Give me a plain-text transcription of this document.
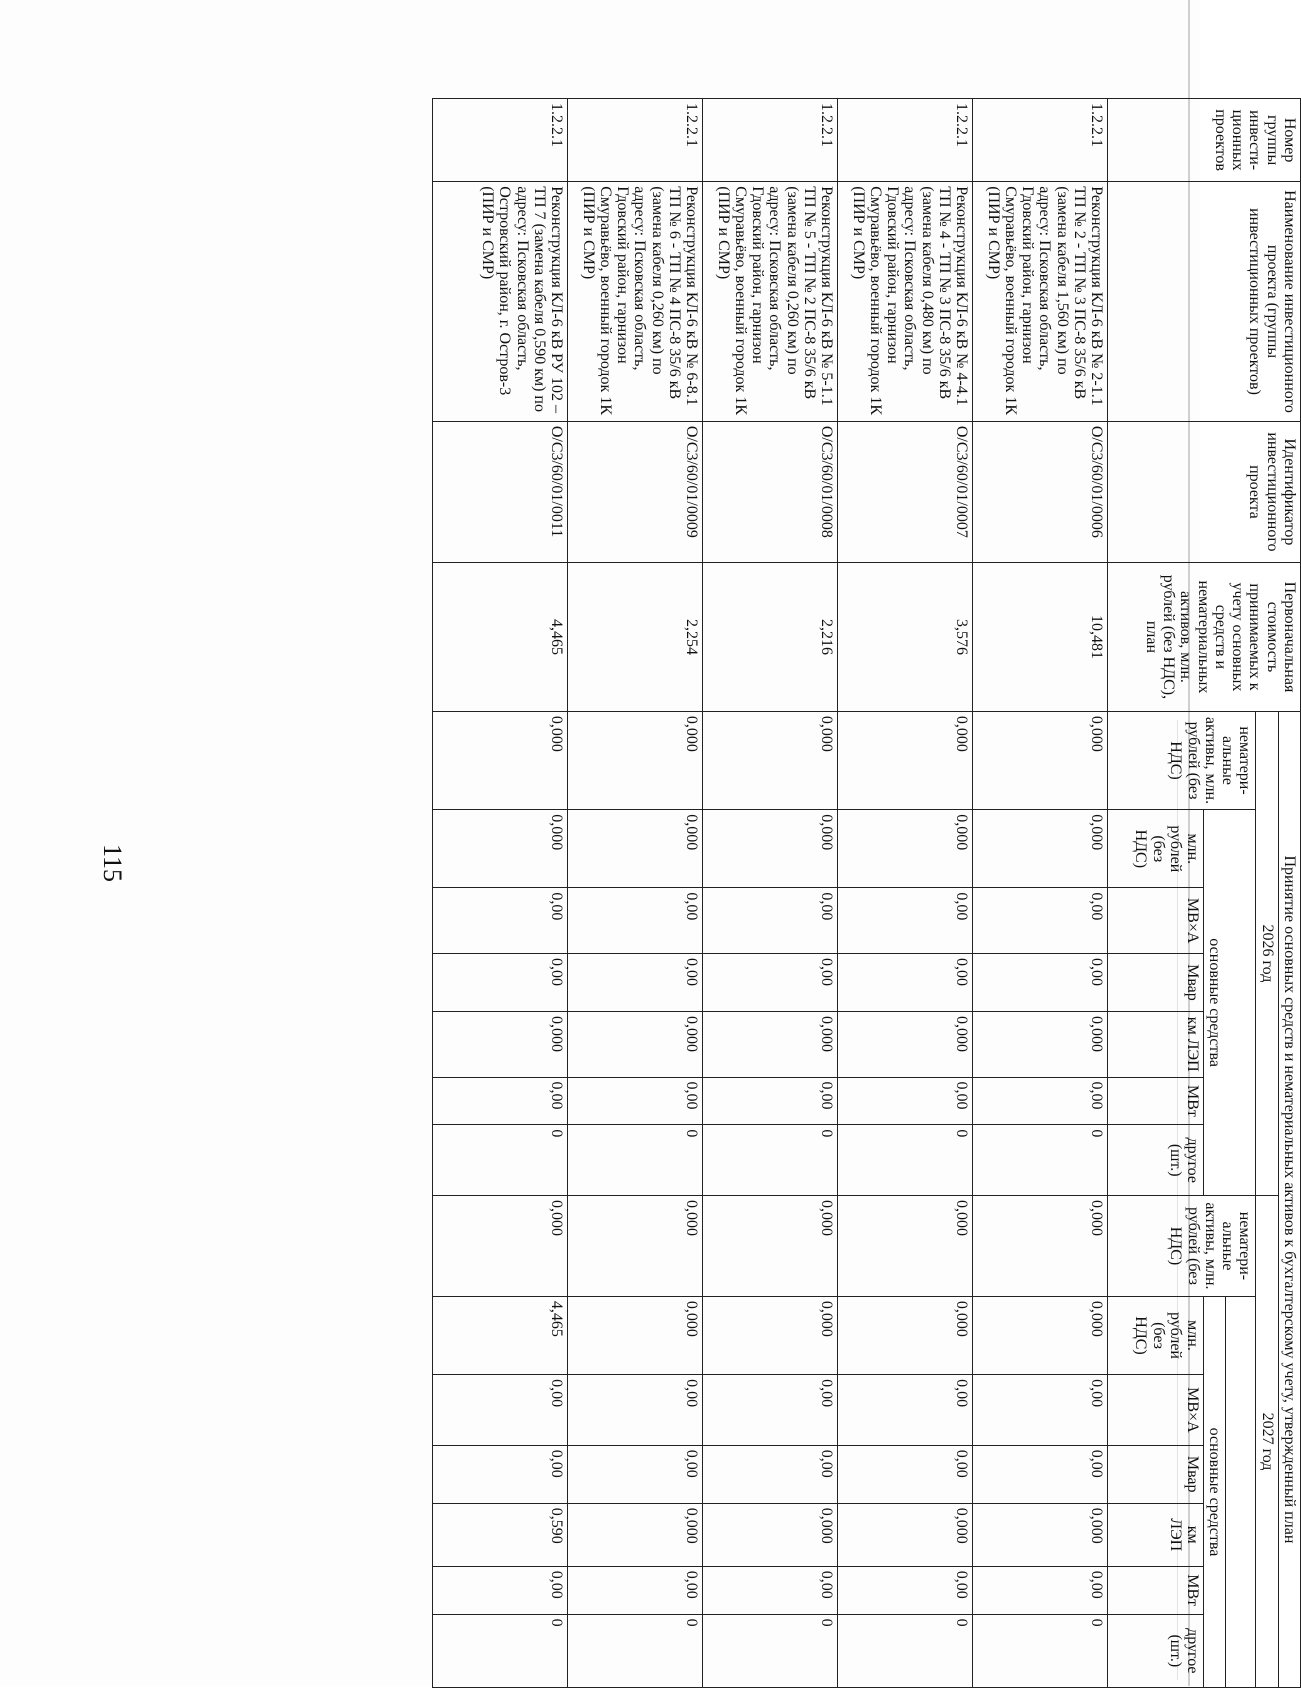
115
Номер группы инвести-ционных проектов	Наименование инвестиционного проекта (группы инвестиционных проектов)	Идентификатор инвестиционного проекта	Первоначальная стоимость принимаемых к учету основных средств и нематериальных активов, млн. рублей (без НДС), план	Принятие основных средств и нематериальных активов к бухгалтерскому учету, утвержденный план													
				2026 год							2027 год						
				нематери-альные активы, млн. рублей (без НДС)	основные средства						нематери-альные активы, млн. рублей (без НДС)						
												основные средства					
					млн. рублей (без НДС)	МВ×А	Мвар	км ЛЭП	МВт	другое (шт.)		млн. рублей (без НДС)	МВ×А	Мвар	км ЛЭП	МВт	другое (шт.)
1.2.2.1	Реконструкция КЛ-6 кВ № 2-1.1 ТП № 2 - ТП № 3 ПС-8 35/6 кВ (замена кабеля 1,560 км) по адресу: Псковская область, Гдовский район, гарнизон Смуравьёво, военный городок 1К (ПИР и СМР)	О/С3/60/01/0006	10,481	0,000	0,000	0,00	0,00	0,000	0,00	0	0,000	0,000	0,00	0,00	0,000	0,00	0
1.2.2.1	Реконструкция КЛ-6 кВ № 4-4.1 ТП № 4 - ТП № 3 ПС-8 35/6 кВ (замена кабеля 0,480 км) по адресу: Псковская область, Гдовский район, гарнизон Смуравьёво, военный городок 1К (ПИР и СМР)	О/С3/60/01/0007	3,576	0,000	0,000	0,00	0,00	0,000	0,00	0	0,000	0,000	0,00	0,00	0,000	0,00	0
1.2.2.1	Реконструкция КЛ-6 кВ № 5-1.1 ТП № 5 - ТП № 2 ПС-8 35/6 кВ (замена кабеля 0,260 км) по адресу: Псковская область, Гдовский район, гарнизон Смуравьёво, военный городок 1К (ПИР и СМР)	О/С3/60/01/0008	2,216	0,000	0,000	0,00	0,00	0,000	0,00	0	0,000	0,000	0,00	0,00	0,000	0,00	0
1.2.2.1	Реконструкция КЛ-6 кВ № 6-8.1 ТП № 6 - ТП № 4 ПС-8 35/6 кВ (замена кабеля 0,260 км) по адресу: Псковская область, Гдовский район, гарнизон Смуравьёво, военный городок 1К (ПИР и СМР)	О/С3/60/01/0009	2,254	0,000	0,000	0,00	0,00	0,000	0,00	0	0,000	0,000	0,00	0,00	0,000	0,00	0
1.2.2.1	Реконструкция КЛ-6 кВ РУ 102 –ТП 7 (замена кабеля 0,590 км) по адресу: Псковская область, Островский район, г. Остров-3 (ПИР и СМР)	О/С3/60/01/0011	4,465	0,000	0,000	0,00	0,00	0,000	0,00	0	0,000	4,465	0,00	0,00	0,590	0,00	0
